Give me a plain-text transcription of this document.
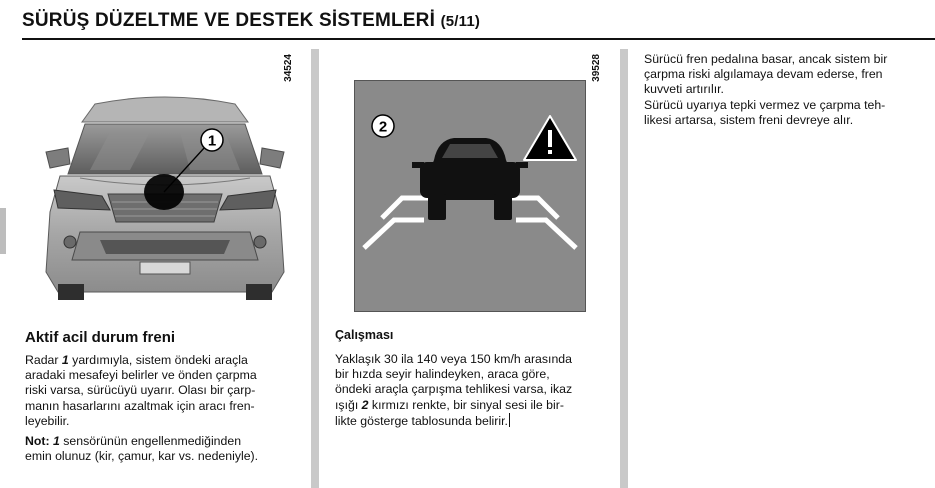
SÜRÜŞ DÜZELTME VE DESTEK SİSTEMLERİ (5/11)
1
34524
2
39528
Aktif acil durum freni
Radar 1 yardımıyla, sistem öndeki araçla
aradaki mesafeyi belirler ve önden çarpma
riski varsa, sürücüyü uyarır. Olası bir çarp-
manın hasarlarını azaltmak için aracı fren-
leyebilir.
Not: 1 sensörünün engellenmediğinden
emin olunuz (kir, çamur, kar vs. nedeniyle).
Çalışması
Yaklaşık 30 ila 140 veya 150 km/h arasında
bir hızda seyir halindeyken, araca göre,
öndeki araçla çarpışma tehlikesi varsa, ikaz
ışığı 2 kırmızı renkte, bir sinyal sesi ile bir-
likte gösterge tablosunda belirir.
Sürücü fren pedalına basar, ancak sistem bir
çarpma riski algılamaya devam ederse, fren
kuvveti artırılır.
Sürücü uyarıya tepki vermez ve çarpma teh-
likesi artarsa, sistem freni devreye alır.
